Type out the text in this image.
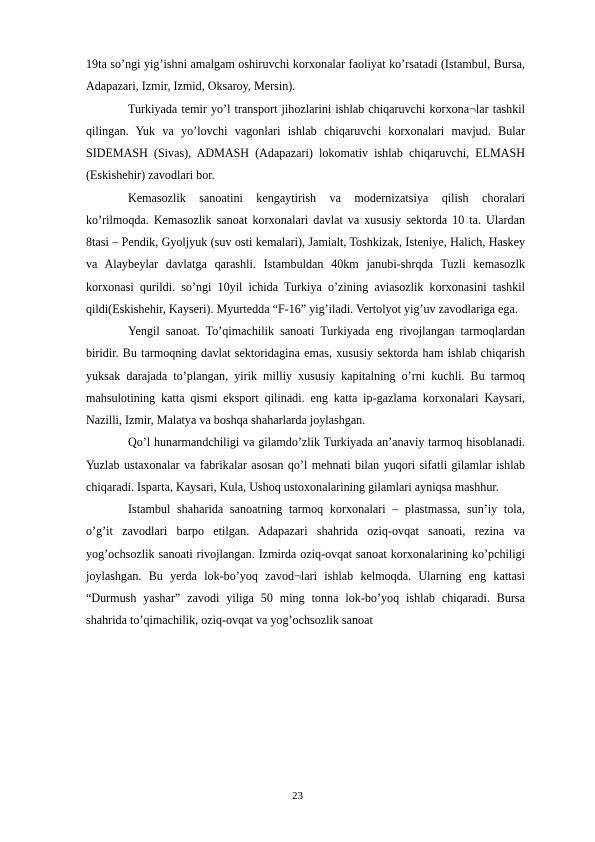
19ta so’ngi yig’ishni amalgam oshiruvchi korxonalar faoliyat ko’rsatadi (Istambul, Bursa, Adapazari, Izmir, Izmid, Oksaroy, Mersin).

Turkiyada temir yo’l transport jihozlarini ishlab chiqaruvchi korxona¬lar tashkil qilingan. Yuk va yo’lovchi vagonlari ishlab chiqaruvchi korxonalari mavjud. Bular SIDEMASH (Sivas), ADMASH (Adapazari) lokomativ ishlab chiqaruvchi, ELMASH (Eskishehir) zavodlari bor.

Kemasozlik sanoatini kengaytirish va modernizatsiya qilish choralari ko’rilmoqda. Kemasozlik sanoat korxonalari davlat va xususiy sektorda 10 ta. Ulardan 8tasi – Pendik, Gyoljyuk (suv osti kemalari), Jamialt, Toshkizak, Isteniye, Halich, Haskey va Alaybeylar davlatga qarashli. Istambuldan 40km janubi-shrqda Tuzli kemasozlk korxonasi qurildi. so’ngi 10yil ichida Turkiya o’zining aviasozlik korxonasini tashkil qildi(Eskishehir, Kayseri). Myurtedda “F-16” yig’iladi. Vertolyot yig’uv zavodlariga ega.

Yengil sanoat. To’qimachilik sanoati Turkiyada eng rivojlangan tarmoqlardan biridir. Bu tarmoqning davlat sektoridagina emas, xususiy sektorda ham ishlab chiqarish yuksak darajada to’plangan, yirik milliy xususiy kapitalning o’rni kuchli. Bu tarmoq mahsulotining katta qismi eksport qilinadi. eng katta ip-gazlama korxonalari Kaysari, Nazilli, Izmir, Malatya va boshqa shaharlarda joylashgan.

Qo’l hunarmandchiligi va gilamdo’zlik Turkiyada an’anaviy tarmoq hisoblanadi. Yuzlab ustaxonalar va fabrikalar asosan qo’l mehnati bilan yuqori sifatli gilamlar ishlab chiqaradi. Isparta, Kaysari, Kula, Ushoq ustoxonalarining gilamlari ayniqsa mashhur.

Istambul shaharida sanoatning tarmoq korxonalari – plastmassa, sun’iy tola, o’g’it zavodlari barpo etilgan. Adapazari shahrida oziq-ovqat sanoati, rezina va yog’ochsozlik sanoati rivojlangan. Izmirda oziq-ovqat sanoat korxonalarining ko’pchiligi joylashgan. Bu yerda lok-bo’yoq zavod¬lari ishlab kelmoqda. Ularning eng kattasi “Durmush yashar” zavodi yiliga 50 ming tonna lok-bo’yoq ishlab chiqaradi. Bursa shahrida to’qimachilik, oziq-ovqat va yog’ochsozlik sanoat

23
